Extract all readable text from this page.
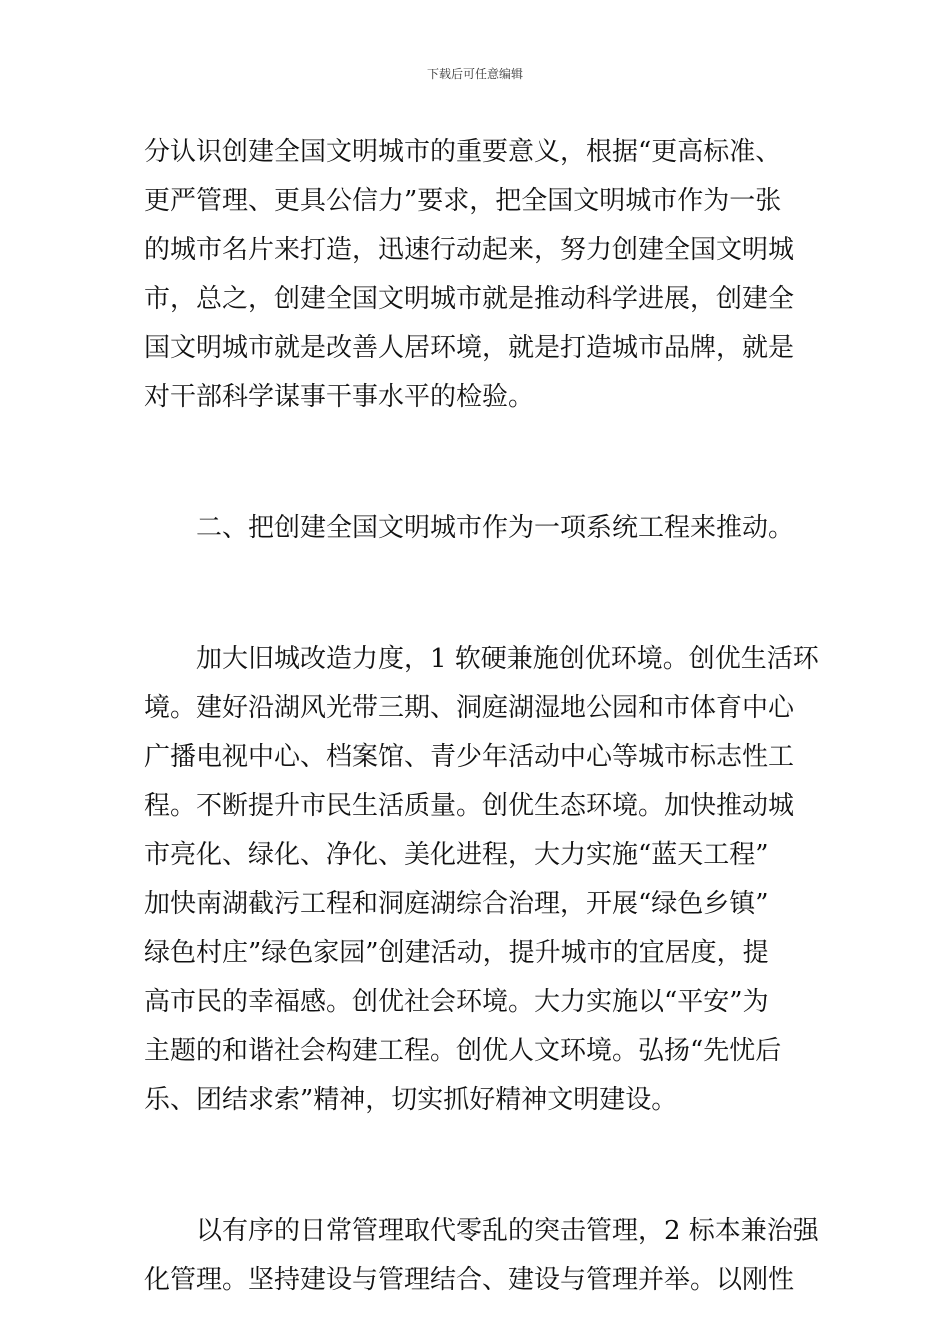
下载后可任意编辑

分认识创建全国文明城市的重要意义，根据“更高标准、
更严管理、更具公信力”要求，把全国文明城市作为一张
的城市名片来打造，迅速行动起来，努力创建全国文明城
市，总之，创建全国文明城市就是推动科学进展，创建全
国文明城市就是改善人居环境，就是打造城市品牌，就是
对干部科学谋事干事水平的检验。

二、把创建全国文明城市作为一项系统工程来推动。

加大旧城改造力度，1 软硬兼施创优环境。创优生活环
境。建好沿湖风光带三期、洞庭湖湿地公园和市体育中心
广播电视中心、档案馆、青少年活动中心等城市标志性工
程。不断提升市民生活质量。创优生态环境。加快推动城
市亮化、绿化、净化、美化进程，大力实施“蓝天工程”
加快南湖截污工程和洞庭湖综合治理，开展“绿色乡镇”
绿色村庄”绿色家园”创建活动，提升城市的宜居度，提
高市民的幸福感。创优社会环境。大力实施以“平安”为
主题的和谐社会构建工程。创优人文环境。弘扬“先忧后
乐、团结求索”精神，切实抓好精神文明建设。

以有序的日常管理取代零乱的突击管理，2 标本兼治强
化管理。坚持建设与管理结合、建设与管理并举。以刚性
